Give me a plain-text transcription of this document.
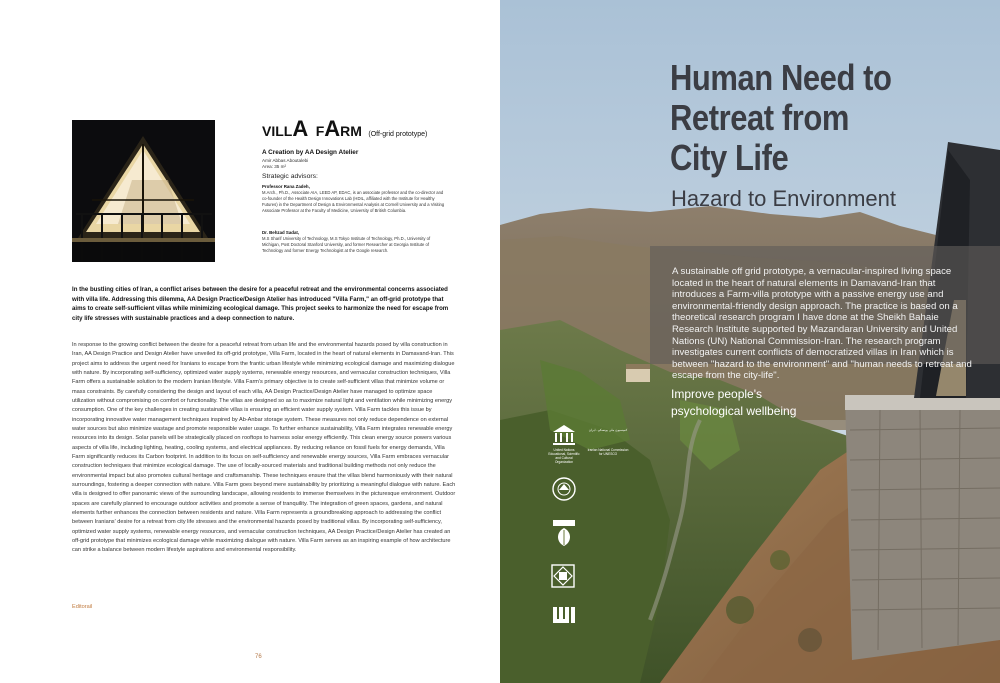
VILLA FARM (Off-grid prototype)
A Creation by AA Design Atelier
Amir Abbas Aboutalebi
Area: 35 m²
Strategic advisors:
Professor Rana Zadeh,
M.Arch., Ph.D., Associate AIA, LEED AP, EDAC, is an associate professor and the co-director and co-founder of the Health Design Innovations Lab (HDIL, affiliated with the Institute for Healthy Futures) in the Department of Design & Environmental Analysis at Cornell University and a Visiting Associate Professor at the Faculty of Medicine, University of British Columbia.
Dr. Behzad Sadat,
M.S Sharif University of Technology, M.S Tokyo Institute of Technology, Ph.D., University of Michigan, Post Doctoral Stanford University, and former Researcher at Georgia Institute of Technology and former Energy Technologist at the Google research.
In the bustling cities of Iran, a conflict arises between the desire for a peaceful retreat and the environmental concerns associated with villa life. Addressing this dilemma, AA Design Practice/Design Atelier has introduced "Villa Farm," an off-grid prototype that aims to create self-sufficient villas while minimizing ecological damage. This project seeks to harmonize the need for escape from city life stresses with sustainable practices and a deep connection to nature.
In response to the growing conflict between the desire for a peaceful retreat from urban life and the environmental hazards posed by villa construction in Iran, AA Design Practice and Design Atelier have unveiled its off-grid prototype, Villa Farm, located in the heart of natural elements in Damavand-Iran. This project aims to address the urgent need for Iranians to escape from the frantic urban lifestyle while minimizing ecological damage and maximizing dialogue with nature. By incorporating self-sufficiency, optimized water supply systems, renewable energy resources, and vernacular construction techniques, Villa Farm offers a sustainable solution to the modern Iranian lifestyle. Villa Farm's primary objective is to create self-sufficient villas that minimize volume or mass constraints. By carefully considering the design and layout of each villa, AA Design Practice/Design Atelier have managed to optimize space utilization without compromising on comfort or functionality. The villas are designed so as to maximize natural light and ventilation while minimizing energy consumption. One of the key challenges in creating sustainable villas is ensuring an efficient water supply system. Villa Farm tackles this issue by incorporating innovative water management techniques inspired by Ab-Anbar storage system. These measures not only reduce dependence on external water sources but also minimize wastage and promote responsible water usage. To further enhance sustainability, Villa Farm integrates renewable energy resources into its design. Solar panels will be strategically placed on rooftops to harness solar energy efficiently. This clean energy source powers various aspects of villa life, including lighting, heating, cooling systems, and electrical appliances. By reducing reliance on fossil fuels for energy demands, Villa Farm significantly reduces its Carbon footprint. In addition to its focus on self-sufficiency and renewable energy sources, Villa Farm embraces vernacular construction techniques that minimize ecological damage. The use of locally-sourced materials and traditional building methods not only reduce the environmental impact but also promotes cultural heritage and craftsmanship. These techniques ensure that the villas blend harmoniously with their natural surroundings, fostering a deeper connection with nature. Villa Farm goes beyond mere sustainability by prioritizing a meaningful dialogue with nature. Each villa is designed to offer panoramic views of the surrounding landscape, allowing residents to immerse themselves in the picturesque environment. Outdoor spaces are carefully planned to encourage outdoor activities and promote a sense of tranquility. The integration of green spaces, gardens, and natural elements further enhances the connection between residents and nature. Villa Farm represents a groundbreaking approach to addressing the conflict between Iranians' desire for a retreat from city life stresses and the environmental hazards posed by traditional villas. By incorporating self-sufficiency, optimized water supply systems, renewable energy resources, and vernacular construction techniques, AA Design Practice/Design Atelier has created an off-grid prototype that minimizes ecological damage while maximizing dialogue with nature. Villa Farm serves as an inspiring example of how architecture can strike a balance between modern lifestyle aspirations and environmental responsibility.
Editorail
76
Human Need to
Retreat from
City Life
Hazard to Environment
A sustainable off grid prototype, a vernacular-inspired living space located in the heart of natural elements in Damavand-Iran that introduces a Farm-villa prototype with a passive energy use and environmental-friendly design approach. The practice is based on a theoretical research program I have done at the Sheikh Bahaie Research Institute supported by Mazandaran University and United Nations (UN) National Commission-Iran. The research program investigates current conflicts of democratized villas in Iran which is between "hazard to the environment" and "human needs to retreat and escape from the city-life".
Improve people's psychological wellbeing
United Nations Educational, Scientific and Cultural Organization
کمیسیون ملی یونسکو - ایران
Iranian National Commission for UNESCO
